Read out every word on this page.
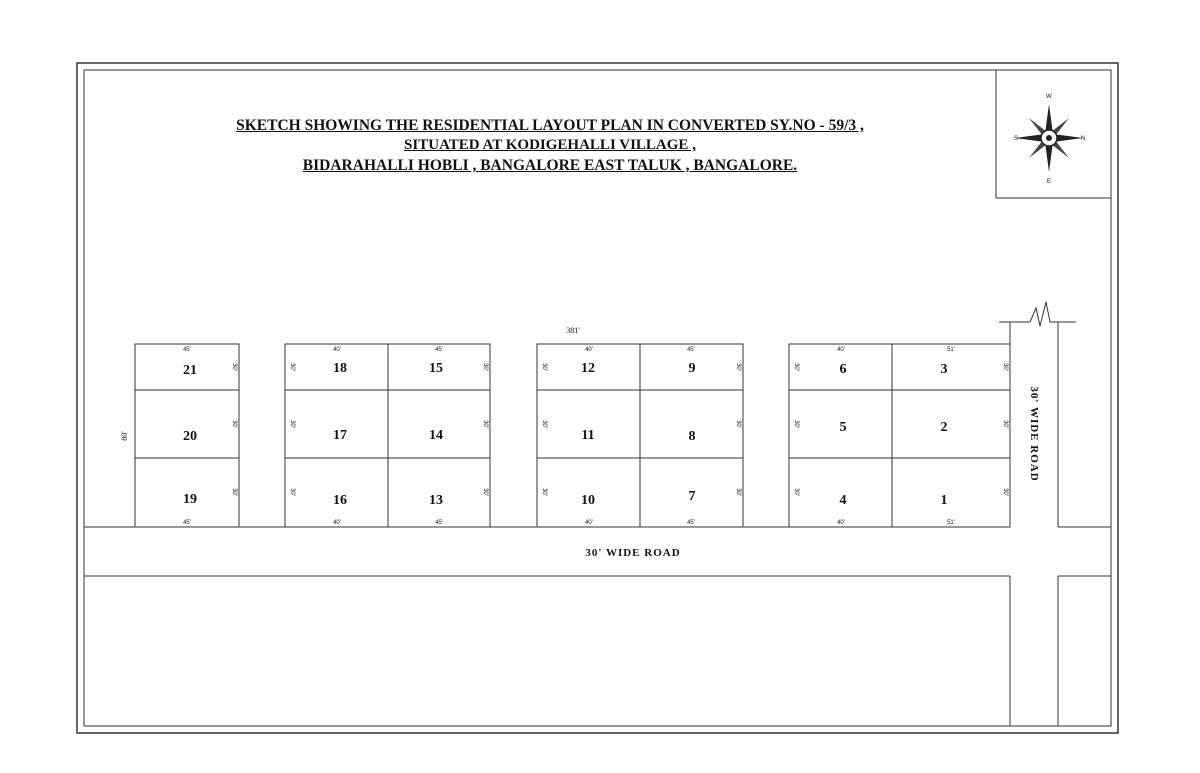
W
E
S	N
21
20
19
18
17
16
15
14
13
12
11
10
9
8
7
6
5
4
3
2
1
45'
45'
40'
40'
45'
45'
40'
40'
45'
45'
40'
40'
51'
51'
30'
30'
30'
30'
30'
30'
30'
30'
30'
30'
30'
30'
30'
30'
30'
30'
30'
30'
30'
30'
30'
381'
80'
30' WIDE ROAD
30' WIDE ROAD
SKETCH SHOWING THE RESIDENTIAL LAYOUT PLAN IN CONVERTED SY.NO - 59/3 ,
SITUATED AT KODIGEHALLI VILLAGE ,
BIDARAHALLI HOBLI , BANGALORE EAST TALUK , BANGALORE.
